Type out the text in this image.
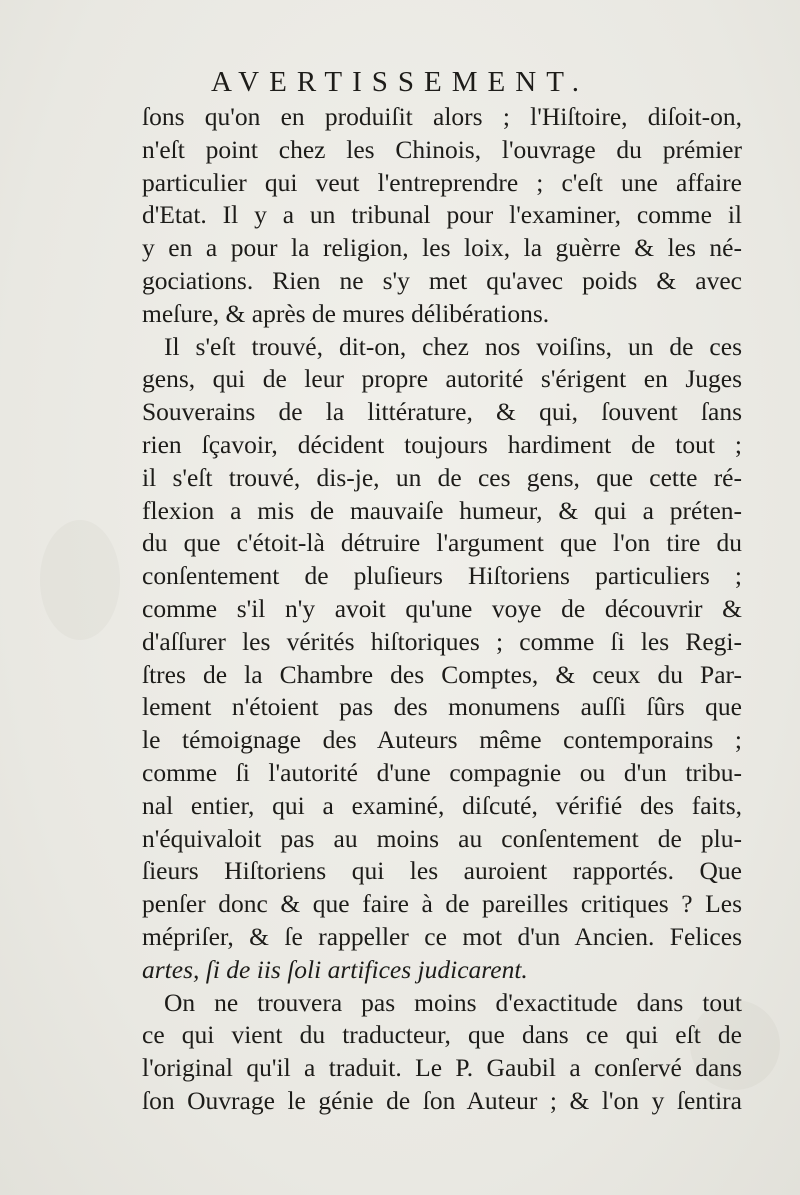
AVERTISSEMENT.
ſons qu'on en produiſit alors ; l'Hiſtoire, diſoit-on,
n'eſt point chez les Chinois, l'ouvrage du prémier
particulier qui veut l'entreprendre ; c'eſt une affaire
d'Etat. Il y a un tribunal pour l'examiner, comme il
y en a pour la religion, les loix, la guèrre & les né-
gociations. Rien ne s'y met qu'avec poids & avec
meſure, & après de mures délibérations.
Il s'eſt trouvé, dit-on, chez nos voiſins, un de ces
gens, qui de leur propre autorité s'érigent en Juges
Souverains de la littérature, & qui, ſouvent ſans
rien ſçavoir, décident toujours hardiment de tout ;
il s'eſt trouvé, dis-je, un de ces gens, que cette ré-
flexion a mis de mauvaiſe humeur, & qui a préten-
du que c'étoit-là détruire l'argument que l'on tire du
conſentement de pluſieurs Hiſtoriens particuliers ;
comme s'il n'y avoit qu'une voye de découvrir &
d'aſſurer les vérités hiſtoriques ; comme ſi les Regi-
ſtres de la Chambre des Comptes, & ceux du Par-
lement n'étoient pas des monumens auſſi ſûrs que
le témoignage des Auteurs même contemporains ;
comme ſi l'autorité d'une compagnie ou d'un tribu-
nal entier, qui a examiné, diſcuté, vérifié des faits,
n'équivaloit pas au moins au conſentement de plu-
ſieurs Hiſtoriens qui les auroient rapportés. Que
penſer donc & que faire à de pareilles critiques ? Les
mépriſer, & ſe rappeller ce mot d'un Ancien. Felices
artes, ſi de iis ſoli artifices judicarent.
On ne trouvera pas moins d'exactitude dans tout
ce qui vient du traducteur, que dans ce qui eſt de
l'original qu'il a traduit. Le P. Gaubil a conſervé dans
ſon Ouvrage le génie de ſon Auteur ; & l'on y ſentira
